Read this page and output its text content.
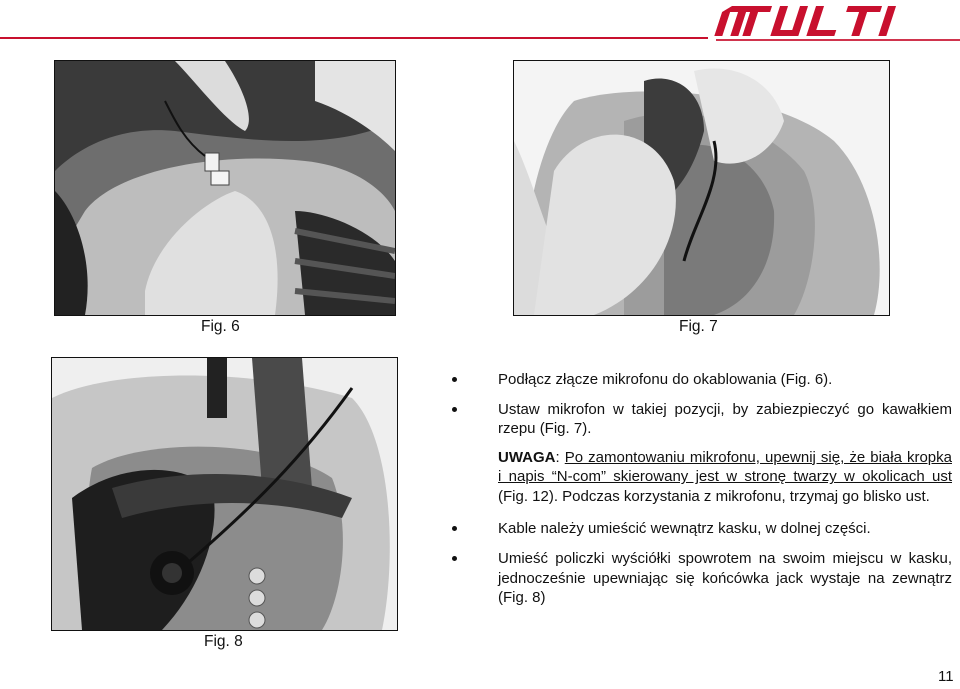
Fig. 6	Fig. 7
Fig. 8
Podłącz złącze mikrofonu do okablowania (Fig. 6).
Ustaw mikrofon w takiej pozycji, by zabiezpieczyć go kawałkiem rzepu (Fig. 7).
UWAGA: Po zamontowaniu mikrofonu, upewnij się, że biała kropka i napis “N-com” skierowany jest w stronę twarzy w okolicach ust (Fig. 12). Podczas korzystania z mikrofonu, trzymaj go blisko ust.
Kable należy umieścić wewnątrz kasku, w dolnej części.
Umieść policzki wyściółki spowrotem na swoim miejscu w kasku, jednocześnie upewniając się końcówka jack wystaje na zewnątrz (Fig. 8)
11
